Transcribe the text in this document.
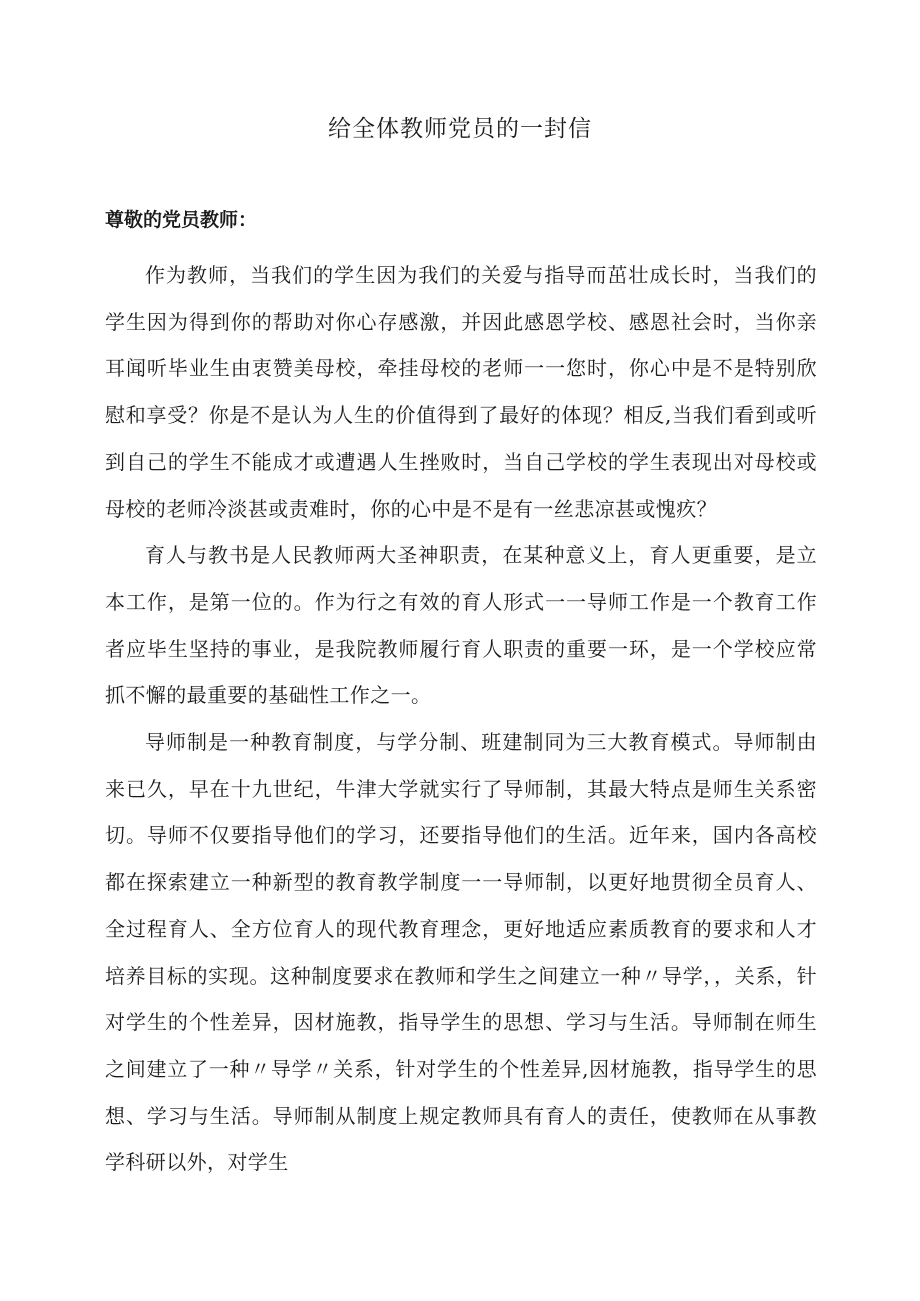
给全体教师党员的一封信

尊敬的党员教师：

作为教师，当我们的学生因为我们的关爱与指导而茁壮成长时，当我们的学生因为得到你的帮助对你心存感激，并因此感恩学校、感恩社会时，当你亲耳闻听毕业生由衷赞美母校，牵挂母校的老师一一您时，你心中是不是特别欣慰和享受？你是不是认为人生的价值得到了最好的体现？相反,当我们看到或听到自己的学生不能成才或遭遇人生挫败时，当自己学校的学生表现出对母校或母校的老师冷淡甚或责难时，你的心中是不是有一丝悲凉甚或愧疚？

育人与教书是人民教师两大圣神职责，在某种意义上，育人更重要，是立本工作，是第一位的。作为行之有效的育人形式一一导师工作是一个教育工作者应毕生坚持的事业，是我院教师履行育人职责的重要一环，是一个学校应常抓不懈的最重要的基础性工作之一。

导师制是一种教育制度，与学分制、班建制同为三大教育模式。导师制由来已久，早在十九世纪，牛津大学就实行了导师制，其最大特点是师生关系密切。导师不仅要指导他们的学习，还要指导他们的生活。近年来，国内各高校都在探索建立一种新型的教育教学制度一一导师制，以更好地贯彻全员育人、全过程育人、全方位育人的现代教育理念，更好地适应素质教育的要求和人才培养目标的实现。这种制度要求在教师和学生之间建立一种〃导学，，关系，针对学生的个性差异，因材施教，指导学生的思想、学习与生活。导师制在师生之间建立了一种〃导学〃关系，针对学生的个性差异,因材施教，指导学生的思想、学习与生活。导师制从制度上规定教师具有育人的责任，使教师在从事教学科研以外，对学生
